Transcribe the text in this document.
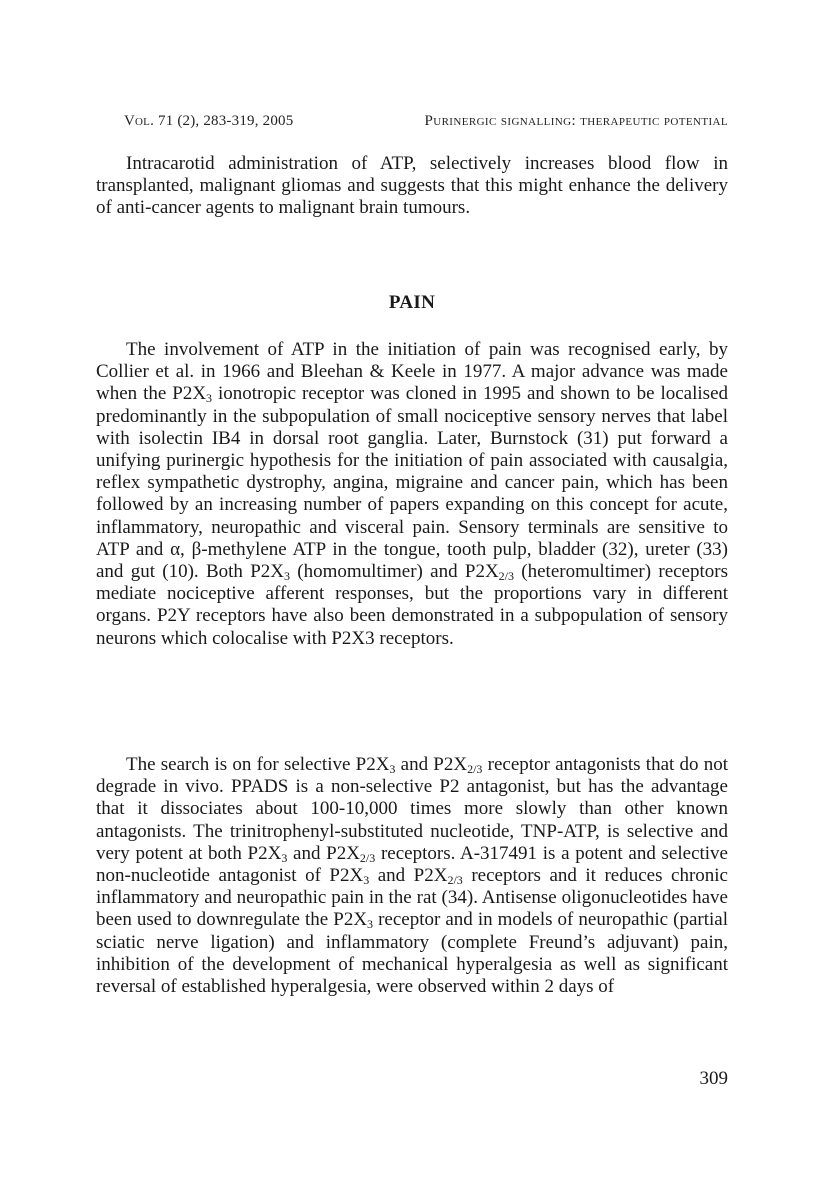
Vol. 71 (2), 283-319, 2005	Purinergic signalling: therapeutic potential

Intracarotid administration of ATP, selectively increases blood flow in transplanted, malignant gliomas and suggests that this might enhance the delivery of anti-cancer agents to malignant brain tumours.

PAIN

The involvement of ATP in the initiation of pain was recognised early, by Collier et al. in 1966 and Bleehan & Keele in 1977. A major advance was made when the $P2X_3$ ionotropic receptor was cloned in 1995 and shown to be localised predominantly in the subpopulation of small nociceptive sensory nerves that label with isolectin IB4 in dorsal root ganglia. Later, Burnstock (31) put forward a unifying purinergic hypothesis for the initiation of pain associated with causalgia, reflex sympathetic dystrophy, angina, migraine and cancer pain, which has been followed by an increasing number of papers expanding on this concept for acute, inflammatory, neuropathic and visceral pain. Sensory terminals are sensitive to ATP and α, β-methylene ATP in the tongue, tooth pulp, bladder (32), ureter (33) and gut (10). Both $P2X_3$ (homomultimer) and $P2X_{2/3}$ (heteromultimer) receptors mediate nociceptive afferent responses, but the proportions vary in different organs. P2Y receptors have also been demonstrated in a subpopulation of sensory neurons which colocalise with P2X3 receptors.

The search is on for selective $P2X_3$ and $P2X_{2/3}$ receptor antagonists that do not degrade in vivo. PPADS is a non-selective P2 antagonist, but has the advantage that it dissociates about 100-10,000 times more slowly than other known antagonists. The trinitrophenyl-substituted nucleotide, TNP-ATP, is selective and very potent at both $P2X_3$ and $P2X_{2/3}$ receptors. A-317491 is a potent and selective non-nucleotide antagonist of $P2X_3$ and $P2X_{2/3}$ receptors and it reduces chronic inflammatory and neuropathic pain in the rat (34). Antisense oligonucleotides have been used to downregulate the $P2X_3$ receptor and in models of neuropathic (partial sciatic nerve ligation) and inflammatory (complete Freund’s adjuvant) pain, inhibition of the development of mechanical hyperalgesia as well as significant reversal of established hyperalgesia, were observed within 2 days of

309
